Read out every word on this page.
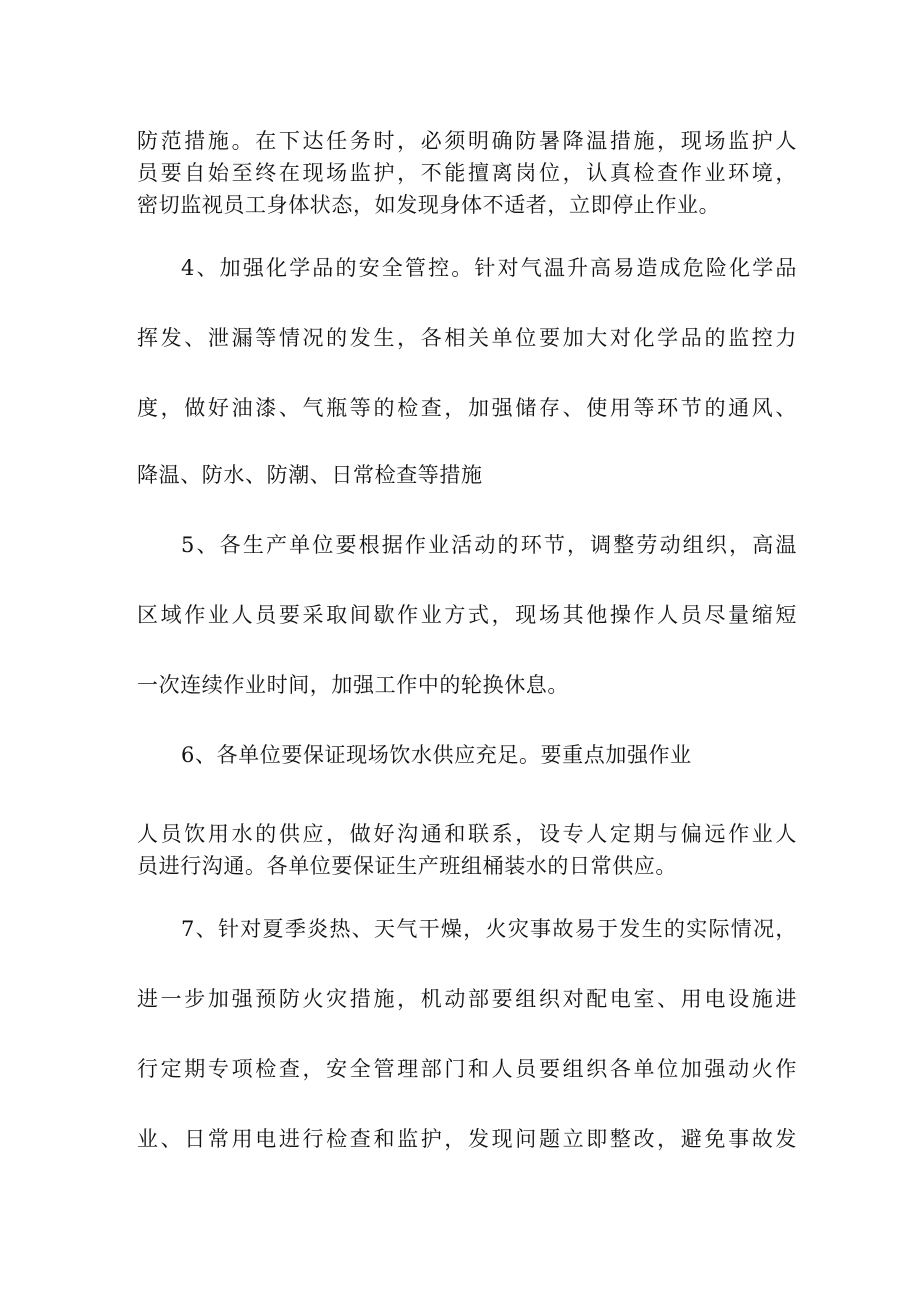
防范措施。在下达任务时，必须明确防暑降温措施，现场监护人
员要自始至终在现场监护，不能擅离岗位，认真检查作业环境，
密切监视员工身体状态，如发现身体不适者，立即停止作业。
4、加强化学品的安全管控。针对气温升高易造成危险化学品
挥发、泄漏等情况的发生，各相关单位要加大对化学品的监控力
度，做好油漆、气瓶等的检查，加强储存、使用等环节的通风、
降温、防水、防潮、日常检查等措施
5、各生产单位要根据作业活动的环节，调整劳动组织，高温
区域作业人员要采取间歇作业方式，现场其他操作人员尽量缩短
一次连续作业时间，加强工作中的轮换休息。
6、各单位要保证现场饮水供应充足。要重点加强作业
人员饮用水的供应，做好沟通和联系，设专人定期与偏远作业人
员进行沟通。各单位要保证生产班组桶装水的日常供应。
7、针对夏季炎热、天气干燥，火灾事故易于发生的实际情况，
进一步加强预防火灾措施，机动部要组织对配电室、用电设施进
行定期专项检查，安全管理部门和人员要组织各单位加强动火作
业、日常用电进行检查和监护，发现问题立即整改，避免事故发
